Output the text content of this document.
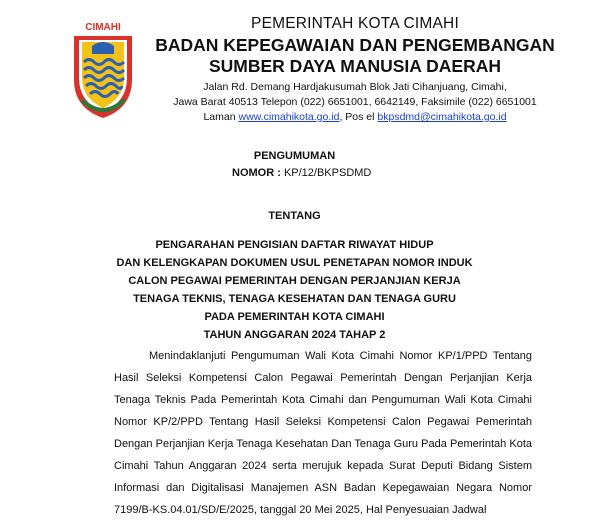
CIMAHI	PEMERINTAH KOTA CIMAHI
BADAN KEPEGAWAIAN DAN PENGEMBANGAN
SUMBER DAYA MANUSIA DAERAH
Jalan Rd. Demang Hardjakusumah Blok Jati Cihanjuang, Cimahi,
Jawa Barat 40513 Telepon (022) 6651001, 6642149, Faksimile (022) 6651001
Laman www.cimahikota.go.id, Pos el bkpsdmd@cimahikota.go.id
PENGUMUMAN
NOMOR : KP/12/BKPSDMD
TENTANG
PENGARAHAN PENGISIAN DAFTAR RIWAYAT HIDUP
DAN KELENGKAPAN DOKUMEN USUL PENETAPAN NOMOR INDUK
CALON PEGAWAI PEMERINTAH DENGAN PERJANJIAN KERJA
TENAGA TEKNIS, TENAGA KESEHATAN DAN TENAGA GURU
PADA PEMERINTAH KOTA CIMAHI
TAHUN ANGGARAN 2024 TAHAP 2
Menindaklanjuti Pengumuman Wali Kota Cimahi Nomor KP/1/PPD Tentang Hasil Seleksi Kompetensi Calon Pegawai Pemerintah Dengan Perjanjian Kerja Tenaga Teknis Pada Pemerintah Kota Cimahi dan Pengumuman Wali Kota Cimahi Nomor KP/2/PPD Tentang Hasil Seleksi Kompetensi Calon Pegawai Pemerintah Dengan Perjanjian Kerja Tenaga Kesehatan Dan Tenaga Guru Pada Pemerintah Kota Cimahi Tahun Anggaran 2024 serta merujuk kepada Surat Deputi Bidang Sistem Informasi dan Digitalisasi Manajemen ASN Badan Kepegawaian Negara Nomor 7199/B-KS.04.01/SD/E/2025, tanggal 20 Mei 2025, Hal Penyesuaian Jadwal
